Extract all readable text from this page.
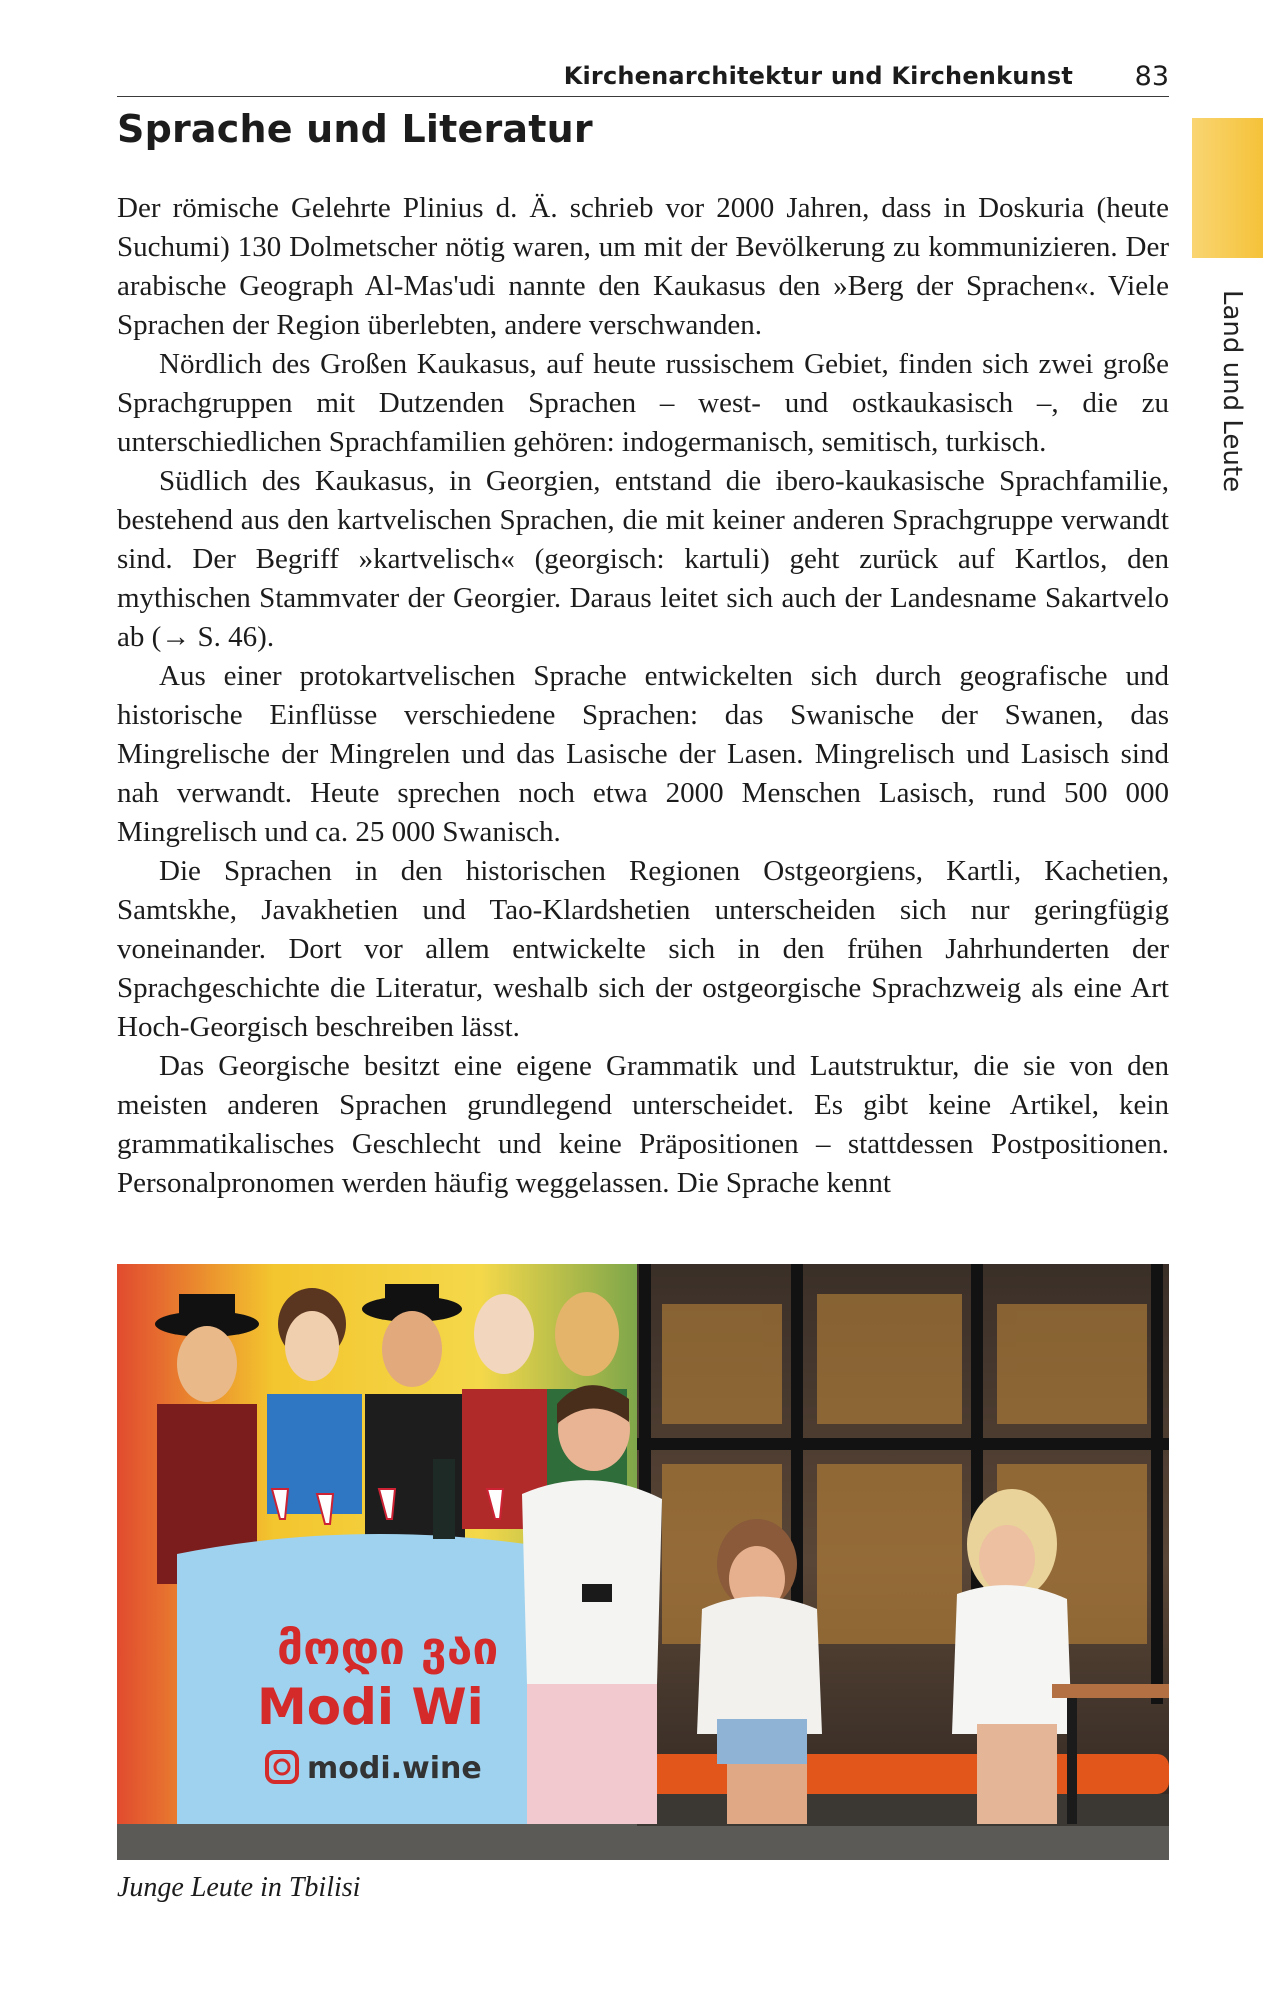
Kirchenarchitektur und Kirchenkunst 83
Land und Leute
Sprache und Literatur

Der römische Gelehrte Plinius d. Ä. schrieb vor 2000 Jahren, dass in Doskuria (heute Suchumi) 130 Dolmetscher nötig waren, um mit der Bevölkerung zu kommunizieren. Der arabische Geograph Al-Mas'udi nannte den Kaukasus den »Berg der Sprachen«. Viele Sprachen der Region überlebten, andere verschwanden.

Nördlich des Großen Kaukasus, auf heute russischem Gebiet, finden sich zwei große Sprachgruppen mit Dutzenden Sprachen – west- und ostkaukasisch –, die zu unterschiedlichen Sprachfamilien gehören: indogermanisch, semitisch, turkisch.

Südlich des Kaukasus, in Georgien, entstand die ibero-kaukasische Sprachfamilie, bestehend aus den kartvelischen Sprachen, die mit keiner anderen Sprachgruppe verwandt sind. Der Begriff »kartvelisch« (georgisch: kartuli) geht zurück auf Kartlos, den mythischen Stammvater der Georgier. Daraus leitet sich auch der Landesname Sakartvelo ab (→ S. 46).

Aus einer protokartvelischen Sprache entwickelten sich durch geografische und historische Einflüsse verschiedene Sprachen: das Swanische der Swanen, das Mingrelische der Mingrelen und das Lasische der Lasen. Mingrelisch und Lasisch sind nah verwandt. Heute sprechen noch etwa 2000 Menschen Lasisch, rund 500 000 Mingrelisch und ca. 25 000 Swanisch.

Die Sprachen in den historischen Regionen Ostgeorgiens, Kartli, Kachetien, Samtskhe, Javakhetien und Tao-Klardshetien unterscheiden sich nur geringfügig voneinander. Dort vor allem entwickelte sich in den frühen Jahrhunderten der Sprachgeschichte die Literatur, weshalb sich der ostgeorgische Sprachzweig als eine Art Hoch-Georgisch beschreiben lässt.

Das Georgische besitzt eine eigene Grammatik und Lautstruktur, die sie von den meisten anderen Sprachen grundlegend unterscheidet. Es gibt keine Artikel, kein grammatikalisches Geschlecht und keine Präpositionen – stattdessen Postpositionen. Personalpronomen werden häufig weggelassen. Die Sprache kennt

მოდი ვაი
Modi Wi
modi.wine
Junge Leute in Tbilisi
